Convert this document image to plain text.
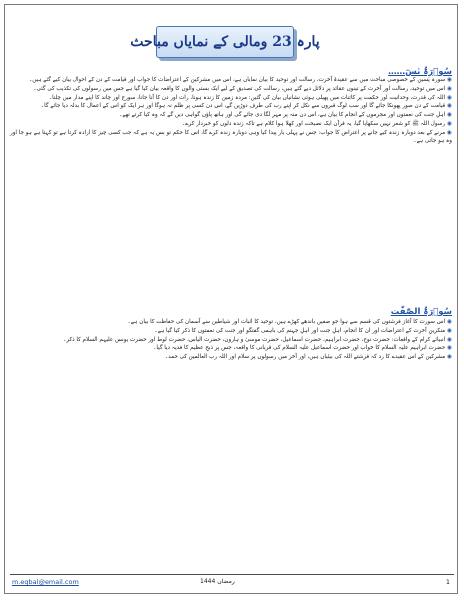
پارہ 23 ومالی کے نمایاں مباحث
سُوۡرَۃُ یٰسٓ……

◉ سورہ یٰسین کے خصوصی مباحث میں سے عقیدۂ آخرت، رسالت اور توحید کا بیان نمایاں ہے، اس میں مشرکین کے اعتراضات کا جواب اور قیامت کے دن کے احوال بیان کیے گئے ہیں۔

◉ اس میں توحید، رسالت اور آخرت کے تینوں عقائد پر دلائل دیے گئے ہیں، رسالت کی تصدیق کے لیے ایک بستی والوں کا واقعہ بیان کیا گیا ہے جس میں رسولوں کی تکذیب کی گئی۔

◉ اللہ کی قدرت، وحدانیت اور حکمت پر کائنات میں پھیلی ہوئی نشانیاں بیان کی گئیں: مردہ زمین کا زندہ ہونا، رات اور دن کا آنا جانا، سورج اور چاند کا اپنے مدار میں چلنا۔

◉ قیامت کے دن صور پھونکا جائے گا اور سب لوگ قبروں سے نکل کر اپنے رب کی طرف دوڑیں گے، اس دن کسی پر ظلم نہ ہوگا اور ہر ایک کو اس کے اعمال کا بدلہ دیا جائے گا۔

◉ اہلِ جنت کی نعمتوں اور مجرموں کے انجام کا بیان ہے، اس دن منہ پر مہر لگا دی جائے گی اور ہاتھ پاؤں گواہی دیں گے کہ وہ کیا کرتے تھے۔

◉ رسول اللہ ﷺ کو شعر نہیں سکھایا گیا، یہ قرآن ایک نصیحت اور کھلا ہوا کلام ہے تاکہ زندہ دلوں کو خبردار کرے۔

◉ مرنے کے بعد دوبارہ زندہ کیے جانے پر اعتراض کا جواب: جس نے پہلی بار پیدا کیا وہی دوبارہ زندہ کرے گا، اس کا حکم تو بس یہ ہے کہ جب کسی چیز کا ارادہ کرتا ہے تو کہتا ہے ہو جا اور وہ ہو جاتی ہے۔

سُوۡرَۃُ الصّٰٓفّٰت

◉ اس سورت کا آغاز فرشتوں کی قسم سے ہوا جو صفیں باندھے کھڑے ہیں، توحید کا اثبات اور شیاطین سے آسمان کی حفاظت کا بیان ہے۔

◉ منکرینِ آخرت کے اعتراضات اور ان کا انجام، اہلِ جنت اور اہلِ جہنم کی باہمی گفتگو اور جنت کی نعمتوں کا ذکر کیا گیا ہے۔

◉ انبیائے کرام کے واقعات: حضرت نوح، حضرت ابراہیم، حضرت اسماعیل، حضرت موسیٰ و ہارون، حضرت الیاس، حضرت لوط اور حضرت یونس علیہم السلام کا ذکر۔

◉ حضرت ابراہیم علیہ السلام کا خواب اور حضرت اسماعیل علیہ السلام کی قربانی کا واقعہ، جس پر ذبحِ عظیم کا فدیہ دیا گیا۔

◉ مشرکین کے اس عقیدے کا رد کہ فرشتے اللہ کی بیٹیاں ہیں، اور آخر میں رسولوں پر سلام اور اللہ رب العالمین کی حمد۔

m.eqbal@email.com	رمضان 1444	1
